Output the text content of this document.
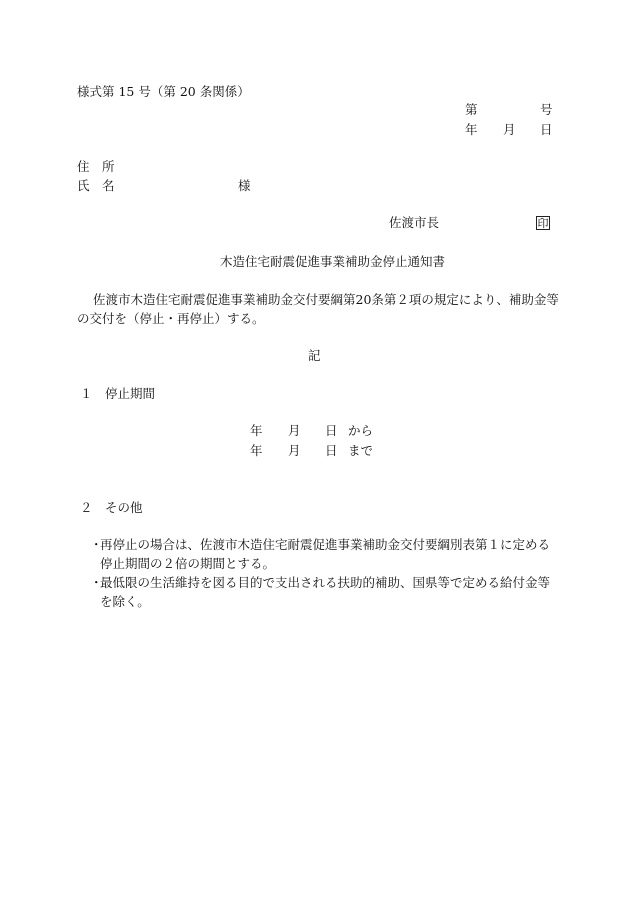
様式第 15 号（第 20 条関係）
第	号
年 月 日
住　所
氏　名	様
佐渡市長	印
木造住宅耐震促進事業補助金停止通知書
佐渡市木造住宅耐震促進事業補助金交付要綱第20条第２項の規定により、補助金等
の交付を（停止・再停止）する。
記
１　停止期間
年 月 日 から
年 月 日 まで
２　その他
・
再停止の場合は、佐渡市木造住宅耐震促進事業補助金交付要綱別表第１に定める
停止期間の２倍の期間とする。
・
最低限の生活維持を図る目的で支出される扶助的補助、国県等で定める給付金等
を除く。
